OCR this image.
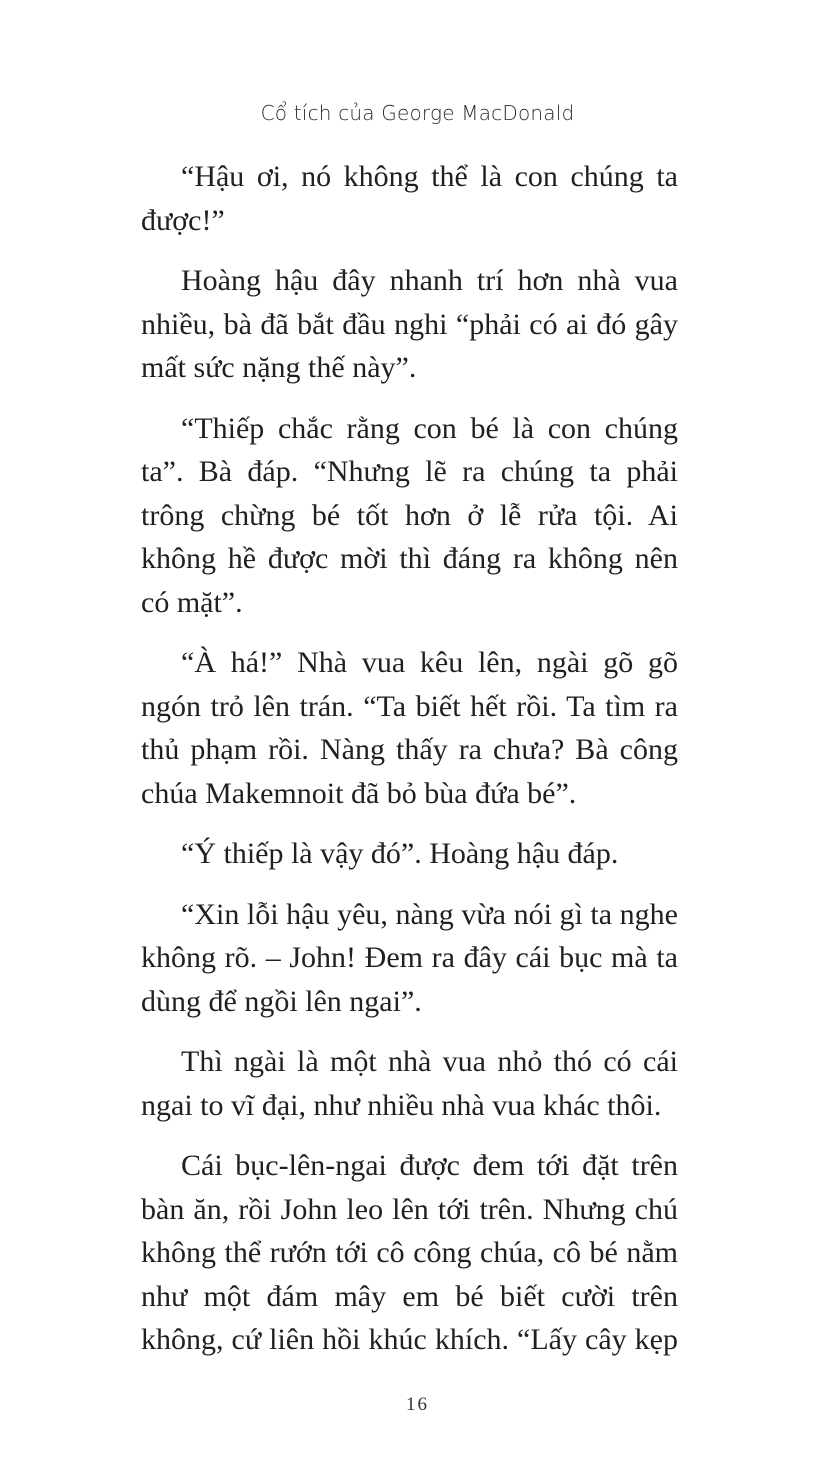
Cổ tích của George MacDonald

“Hậu ơi, nó không thể là con chúng ta được!”

Hoàng hậu đây nhanh trí hơn nhà vua nhiều, bà đã bắt đầu nghi “phải có ai đó gây mất sức nặng thế này”.

“Thiếp chắc rằng con bé là con chúng ta”. Bà đáp. “Nhưng lẽ ra chúng ta phải trông chừng bé tốt hơn ở lễ rửa tội. Ai không hề được mời thì đáng ra không nên có mặt”.

“À há!” Nhà vua kêu lên, ngài gõ gõ ngón trỏ lên trán. “Ta biết hết rồi. Ta tìm ra thủ phạm rồi. Nàng thấy ra chưa? Bà công chúa Makemnoit đã bỏ bùa đứa bé”.

“Ý thiếp là vậy đó”. Hoàng hậu đáp.

“Xin lỗi hậu yêu, nàng vừa nói gì ta nghe không rõ. – John! Đem ra đây cái bục mà ta dùng để ngồi lên ngai”.

Thì ngài là một nhà vua nhỏ thó có cái ngai to vĩ đại, như nhiều nhà vua khác thôi.

Cái bục-lên-ngai được đem tới đặt trên bàn ăn, rồi John leo lên tới trên. Nhưng chú không thể rướn tới cô công chúa, cô bé nằm như một đám mây em bé biết cười trên không, cứ liên hồi khúc khích. “Lấy cây kẹp

16
